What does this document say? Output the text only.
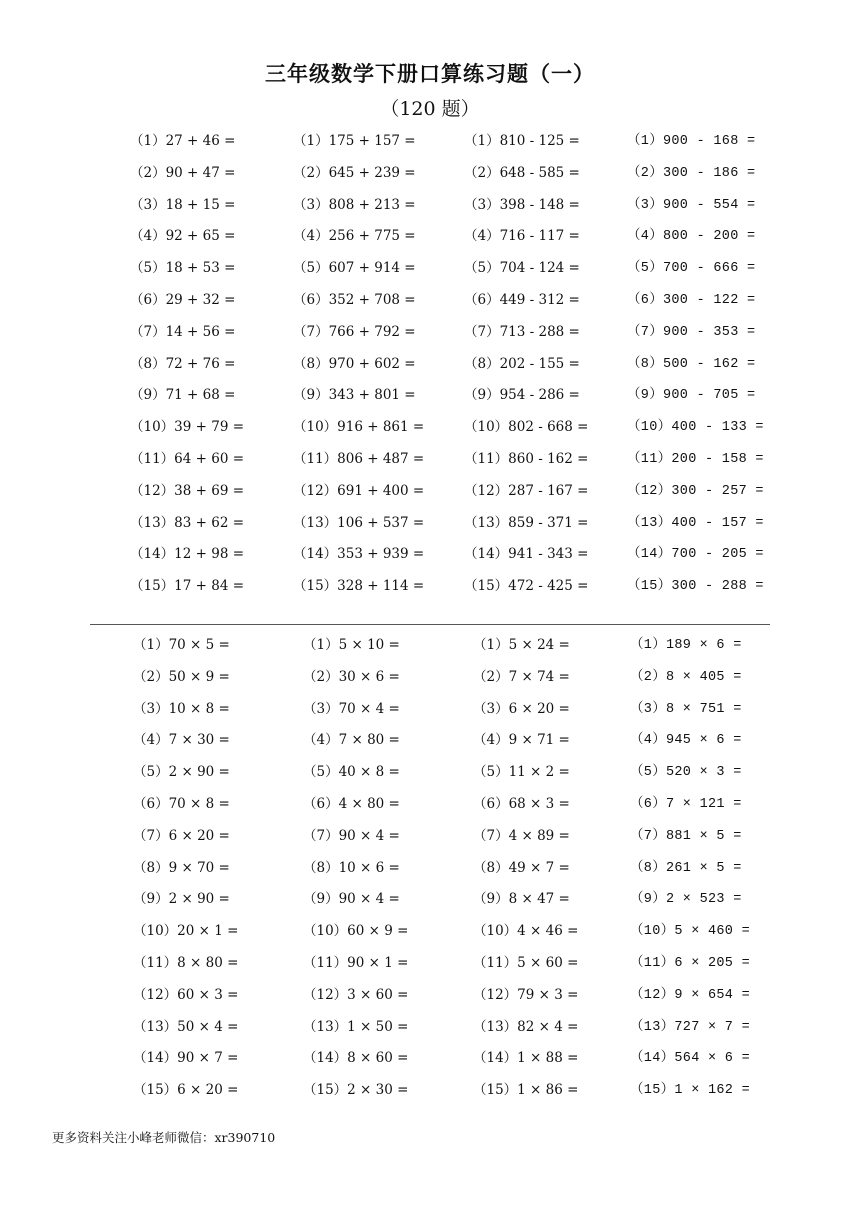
三年级数学下册口算练习题（一）
（120 题）
（1）27 + 46 =
（2）90 + 47 =
（3）18 + 15 =
（4）92 + 65 =
（5）18 + 53 =
（6）29 + 32 =
（7）14 + 56 =
（8）72 + 76 =
（9）71 + 68 =
（10）39 + 79 =
（11）64 + 60 =
（12）38 + 69 =
（13）83 + 62 =
（14）12 + 98 =
（15）17 + 84 =
（1）175 + 157 =
（2）645 + 239 =
（3）808 + 213 =
（4）256 + 775 =
（5）607 + 914 =
（6）352 + 708 =
（7）766 + 792 =
（8）970 + 602 =
（9）343 + 801 =
（10）916 + 861 =
（11）806 + 487 =
（12）691 + 400 =
（13）106 + 537 =
（14）353 + 939 =
（15）328 + 114 =
（1）810 - 125 =
（2）648 - 585 =
（3）398 - 148 =
（4）716 - 117 =
（5）704 - 124 =
（6）449 - 312 =
（7）713 - 288 =
（8）202 - 155 =
（9）954 - 286 =
（10）802 - 668 =
（11）860 - 162 =
（12）287 - 167 =
（13）859 - 371 =
（14）941 - 343 =
（15）472 - 425 =
（1）900 - 168 =
（2）300 - 186 =
（3）900 - 554 =
（4）800 - 200 =
（5）700 - 666 =
（6）300 - 122 =
（7）900 - 353 =
（8）500 - 162 =
（9）900 - 705 =
（10）400 - 133 =
（11）200 - 158 =
（12）300 - 257 =
（13）400 - 157 =
（14）700 - 205 =
（15）300 - 288 =
（1）70 × 5 =
（2）50 × 9 =
（3）10 × 8 =
（4）7 × 30 =
（5）2 × 90 =
（6）70 × 8 =
（7）6 × 20 =
（8）9 × 70 =
（9）2 × 90 =
（10）20 × 1 =
（11）8 × 80 =
（12）60 × 3 =
（13）50 × 4 =
（14）90 × 7 =
（15）6 × 20 =
（1）5 × 10 =
（2）30 × 6 =
（3）70 × 4 =
（4）7 × 80 =
（5）40 × 8 =
（6）4 × 80 =
（7）90 × 4 =
（8）10 × 6 =
（9）90 × 4 =
（10）60 × 9 =
（11）90 × 1 =
（12）3 × 60 =
（13）1 × 50 =
（14）8 × 60 =
（15）2 × 30 =
（1）5 × 24 =
（2）7 × 74 =
（3）6 × 20 =
（4）9 × 71 =
（5）11 × 2 =
（6）68 × 3 =
（7）4 × 89 =
（8）49 × 7 =
（9）8 × 47 =
（10）4 × 46 =
（11）5 × 60 =
（12）79 × 3 =
（13）82 × 4 =
（14）1 × 88 =
（15）1 × 86 =
（1）189 × 6 =
（2）8 × 405 =
（3）8 × 751 =
（4）945 × 6 =
（5）520 × 3 =
（6）7 × 121 =
（7）881 × 5 =
（8）261 × 5 =
（9）2 × 523 =
（10）5 × 460 =
（11）6 × 205 =
（12）9 × 654 =
（13）727 × 7 =
（14）564 × 6 =
（15）1 × 162 =
更多资料关注小峰老师微信：xr390710
